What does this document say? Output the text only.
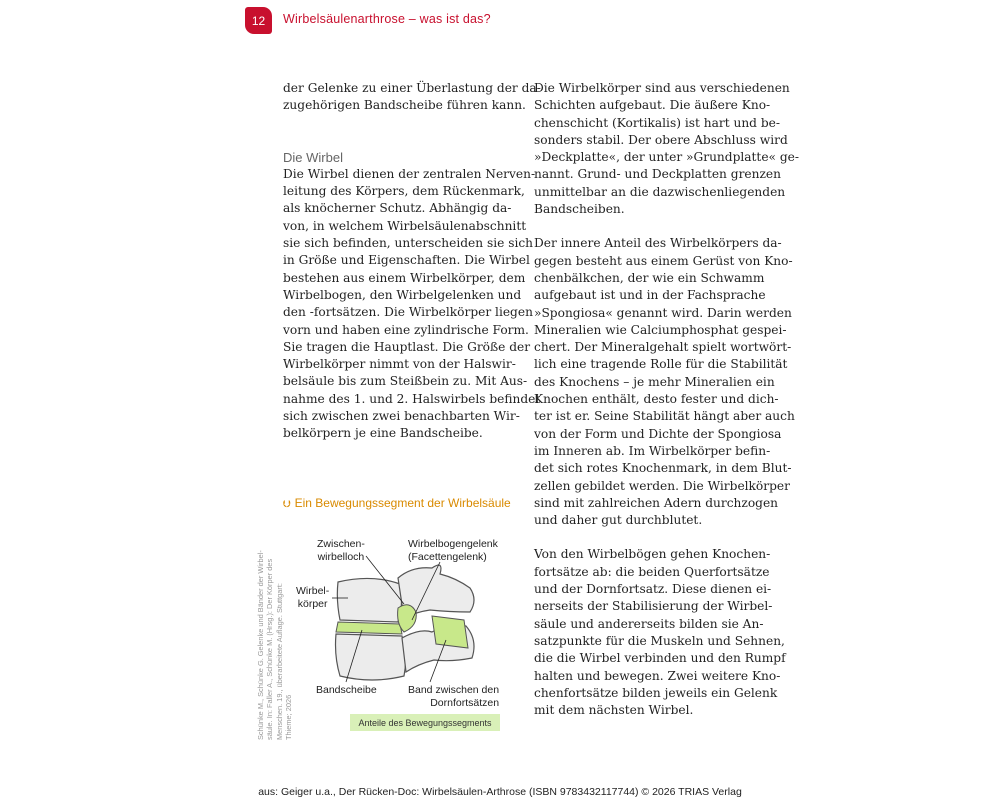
12 Wirbelsäulenarthrose – was ist das?

der Gelenke zu einer Überlastung der da-
zugehörigen Bandscheibe führen kann.

Die Wirbel

Die Wirbel dienen der zentralen Nerven-
leitung des Körpers, dem Rückenmark,
als knöcherner Schutz. Abhängig da-
von, in welchem Wirbelsäulenabschnitt
sie sich befinden, unterscheiden sie sich
in Größe und Eigenschaften. Die Wirbel
bestehen aus einem Wirbelkörper, dem
Wirbelbogen, den Wirbelgelenken und
den -fortsätzen. Die Wirbelkörper liegen
vorn und haben eine zylindrische Form.
Sie tragen die Hauptlast. Die Größe der
Wirbelkörper nimmt von der Halswir-
belsäule bis zum Steißbein zu. Mit Aus-
nahme des 1. und 2. Halswirbels befindet
sich zwischen zwei benachbarten Wir-
belkörpern je eine Bandscheibe.

Die Wirbelkörper sind aus verschiedenen
Schichten aufgebaut. Die äußere Kno-
chenschicht (Kortikalis) ist hart und be-
sonders stabil. Der obere Abschluss wird
»Deckplatte«, der unter »Grundplatte« ge-
nannt. Grund- und Deckplatten grenzen
unmittelbar an die dazwischenliegenden
Bandscheiben.

Der innere Anteil des Wirbelkörpers da-
gegen besteht aus einem Gerüst von Kno-
chenbälkchen, der wie ein Schwamm
aufgebaut ist und in der Fachsprache
»Spongiosa« genannt wird. Darin werden
Mineralien wie Calciumphosphat gespei-
chert. Der Mineralgehalt spielt wortwört-
lich eine tragende Rolle für die Stabilität
des Knochens – je mehr Mineralien ein
Knochen enthält, desto fester und dich-
ter ist er. Seine Stabilität hängt aber auch
von der Form und Dichte der Spongiosa
im Inneren ab. Im Wirbelkörper befin-
det sich rotes Knochenmark, in dem Blut-
zellen gebildet werden. Die Wirbelkörper
sind mit zahlreichen Adern durchzogen
und daher gut durchblutet.

Von den Wirbelbögen gehen Knochen-
fortsätze ab: die beiden Querfortsätze
und der Dornfortsatz. Diese dienen ei-
nerseits der Stabilisierung der Wirbel-
säule und andererseits bilden sie An-
satzpunkte für die Muskeln und Sehnen,
die die Wirbel verbinden und den Rumpf
halten und bewegen. Zwei weitere Kno-
chenfortsätze bilden jeweils ein Gelenk
mit dem nächsten Wirbel.

⮋ Ein Bewegungssegment der Wirbelsäule
Schünke M., Schünke G. Gelenke und Bänder der Wirbel- säule. In: Faller A., Schünke M. (Hrsg.): Der Körper des Menschen. 19., überarbeitete Auflage. Stuttgart: Thieme; 2026
Zwischen-
wirbelloch
Wirbelbogengelenk
(Facettengelenk)
Wirbel-
körper
Bandscheibe	Band zwischen den
Dornfortsätzen
Anteile des Bewegungssegments
aus: Geiger u.a., Der Rücken-Doc: Wirbelsäulen-Arthrose (ISBN 9783432117744) © 2026 TRIAS Verlag
